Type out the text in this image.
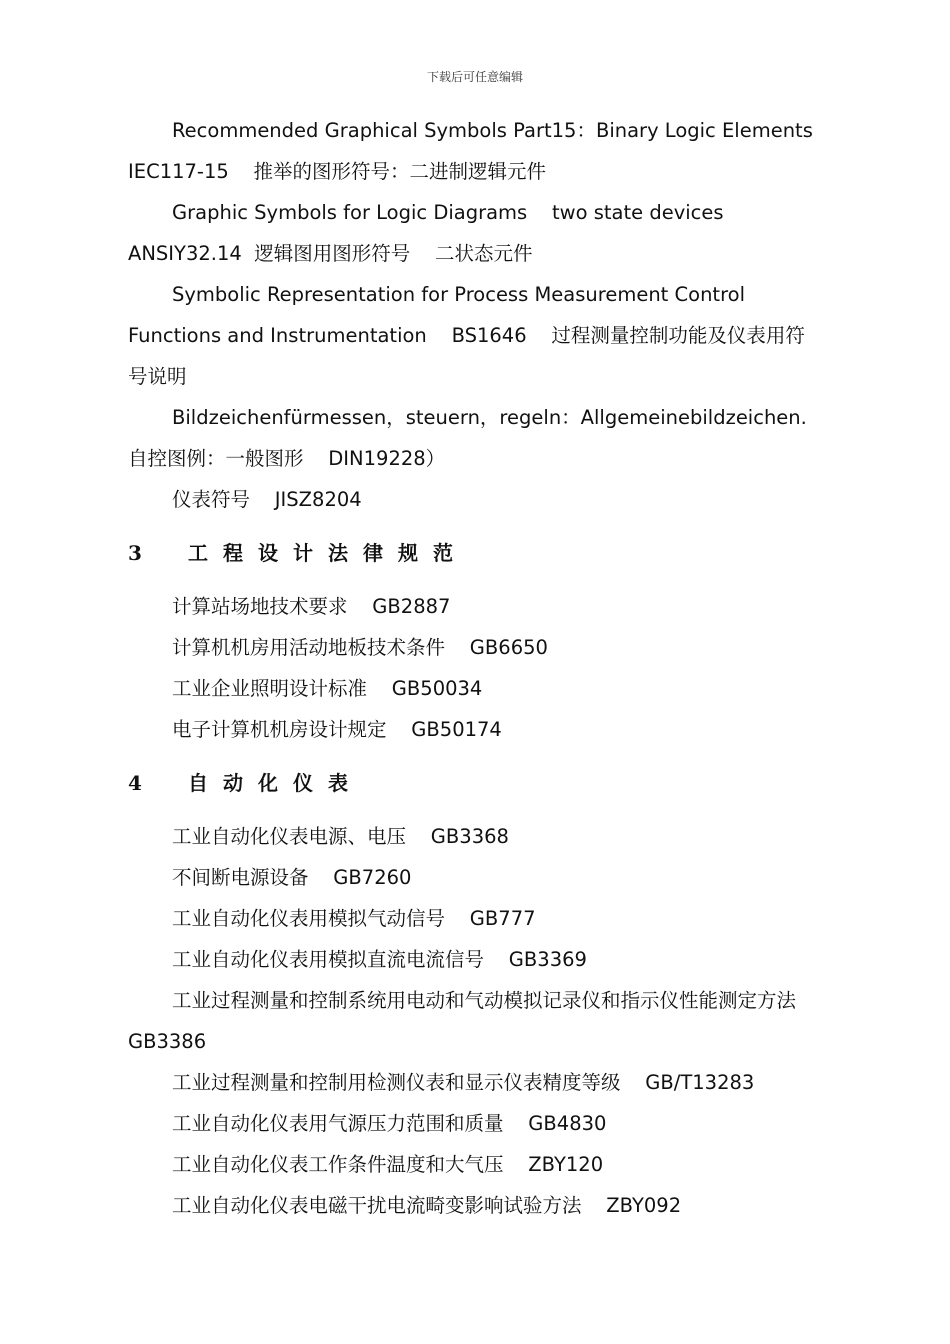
下载后可任意编辑

Recommended Graphical Symbols Part15：Binary Logic Elements IEC117-15    推举的图形符号：二进制逻辑元件

Graphic Symbols for Logic Diagrams    two state devices    ANSIY32.14  逻辑图用图形符号    二状态元件

Symbolic Representation for Process Measurement Control Functions and Instrumentation    BS1646    过程测量控制功能及仪表用符号说明

Bildzeichenfürmessen，steuern，regeln：Allgemeinebildzeichen.自控图例：一般图形    DIN19228）

仪表符号    JISZ8204

3	工程设计法律规范

计算站场地技术要求    GB2887

计算机机房用活动地板技术条件    GB6650

工业企业照明设计标准    GB50034

电子计算机机房设计规定    GB50174

4	自动化仪表

工业自动化仪表电源、电压    GB3368

不间断电源设备    GB7260

工业自动化仪表用模拟气动信号    GB777

工业自动化仪表用模拟直流电流信号    GB3369

工业过程测量和控制系统用电动和气动模拟记录仪和指示仪性能测定方法    GB3386

工业过程测量和控制用检测仪表和显示仪表精度等级    GB/T13283

工业自动化仪表用气源压力范围和质量    GB4830

工业自动化仪表工作条件温度和大气压    ZBY120

工业自动化仪表电磁干扰电流畸变影响试验方法    ZBY092
